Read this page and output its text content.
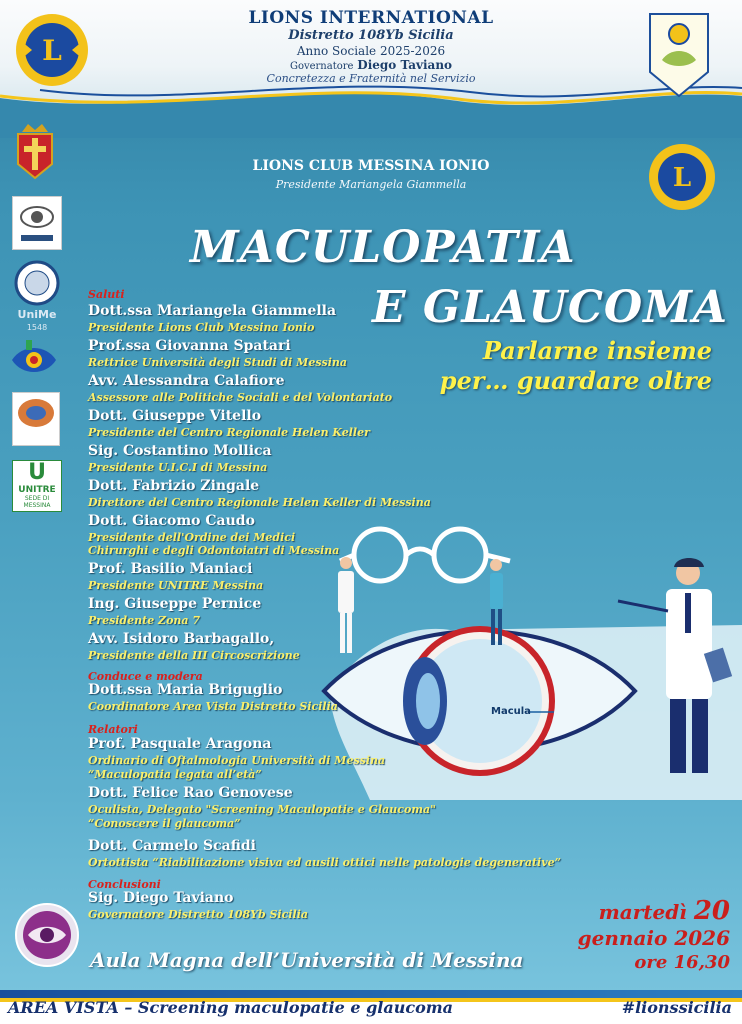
L
LIONS INTERNATIONAL
Distretto 108Yb Sicilia
Anno Sociale 2025-2026
Governatore Diego Taviano
Concretezza e Fraternità nel Servizio
UniMe
1548
U
UNITRE
SEDE DI MESSINA
L
LIONS CLUB MESSINA IONIO
Presidente Mariangela Giammella
MACULOPATIA
E GLAUCOMA
Parlarne insieme
per… guardare oltre
Macula
Saluti
Dott.ssa Mariangela Giammella
Presidente Lions Club Messina Ionio
Prof.ssa Giovanna Spatari
Rettrice Università degli Studi di Messina
Avv. Alessandra Calafiore
Assessore alle Politiche Sociali e del Volontariato
Dott. Giuseppe Vitello
Presidente del Centro Regionale Helen Keller
Sig. Costantino Mollica
Presidente U.I.C.I di Messina
Dott. Fabrizio Zingale
Direttore del Centro Regionale Helen Keller di Messina
Dott. Giacomo Caudo
Presidente dell'Ordine dei Medici
Chirurghi e degli Odontoiatri di Messina
Prof. Basilio Maniaci
Presidente UNITRE Messina
Ing. Giuseppe Pernice
Presidente Zona 7
Avv. Isidoro Barbagallo,
Presidente della III Circoscrizione
Conduce e modera
Dott.ssa Maria Briguglio
Coordinatore Area Vista Distretto Sicilia
Relatori
Prof. Pasquale Aragona
Ordinario di Oftalmologia Università di Messina
“Maculopatia legata all’età”
Dott. Felice Rao Genovese
Oculista, Delegato "Screening Maculopatie e Glaucoma"
“Conoscere il glaucoma”
Dott. Carmelo Scafidi
Ortottista “Riabilitazione visiva ed ausili ottici nelle patologie degenerative”
Conclusioni
Sig. Diego Taviano
Governatore Distretto 108Yb Sicilia	martedì 20
gennaio 2026
ore 16,30
Aula Magna dell’Università di Messina
AREA VISTA – Screening maculopatie e glaucoma	#lionssicilia
